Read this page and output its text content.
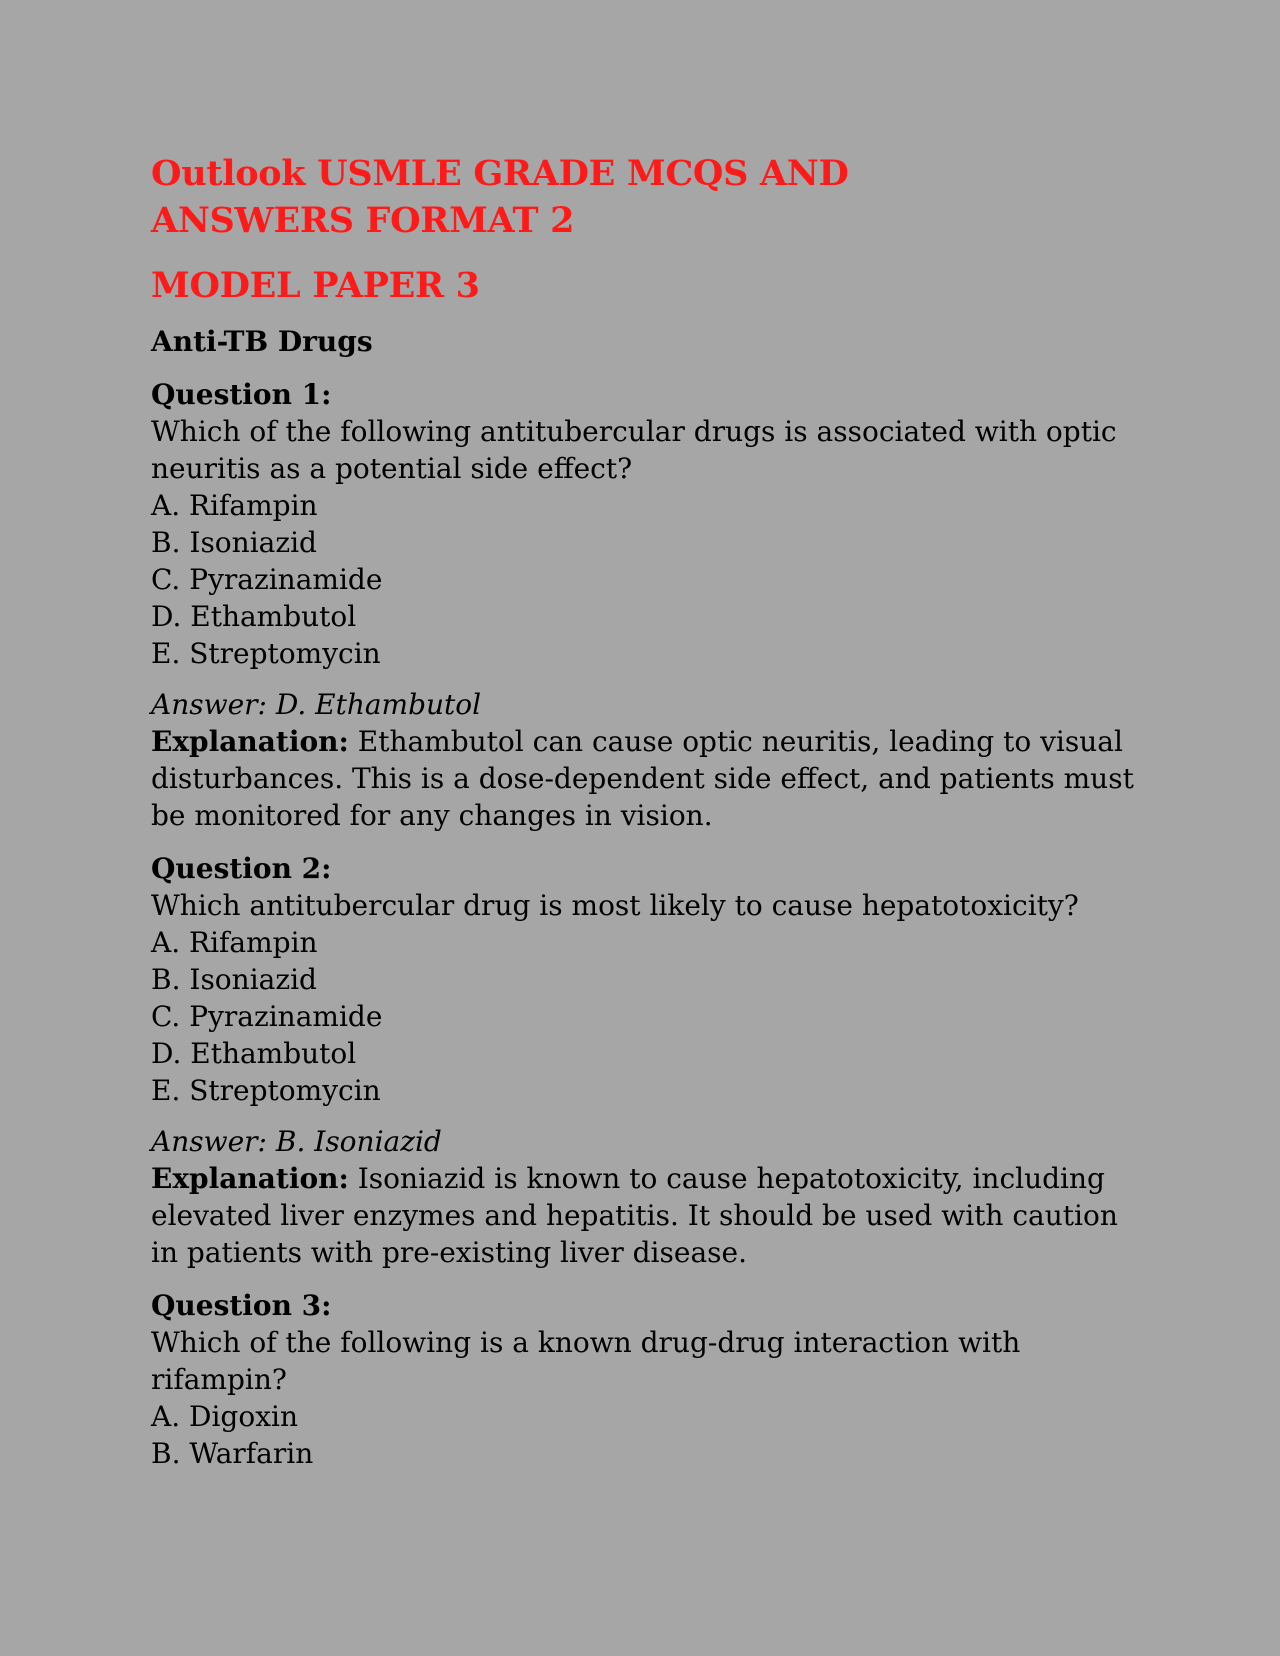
Outlook USMLE GRADE MCQS AND ANSWERS FORMAT 2
MODEL PAPER 3
Anti-TB Drugs
Question 1:
Which of the following antitubercular drugs is associated with optic neuritis as a potential side effect?
A. Rifampin
B. Isoniazid
C. Pyrazinamide
D. Ethambutol
E. Streptomycin
Answer: D. Ethambutol
Explanation: Ethambutol can cause optic neuritis, leading to visual disturbances. This is a dose-dependent side effect, and patients must be monitored for any changes in vision.
Question 2:
Which antitubercular drug is most likely to cause hepatotoxicity?
A. Rifampin
B. Isoniazid
C. Pyrazinamide
D. Ethambutol
E. Streptomycin
Answer: B. Isoniazid
Explanation: Isoniazid is known to cause hepatotoxicity, including elevated liver enzymes and hepatitis. It should be used with caution in patients with pre-existing liver disease.
Question 3:
Which of the following is a known drug-drug interaction with rifampin?
A. Digoxin
B. Warfarin
